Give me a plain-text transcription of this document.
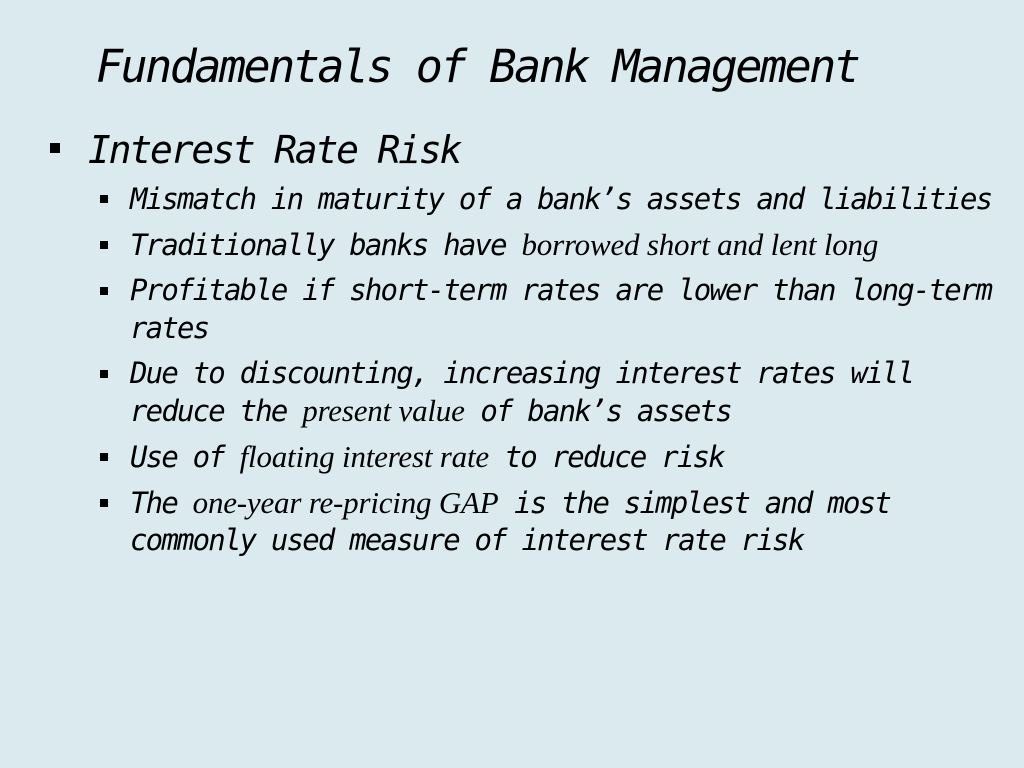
Fundamentals of Bank Management
Interest Rate Risk
Mismatch in maturity of a bank’s assets and liabilities
Traditionally banks have borrowed short and lent long
Profitable if short-term rates are lower than long-term rates
Due to discounting, increasing interest rates will reduce the present value of bank’s assets
Use of floating interest rate to reduce risk
The one-year re-pricing GAP is the simplest and most commonly used measure of interest rate risk
